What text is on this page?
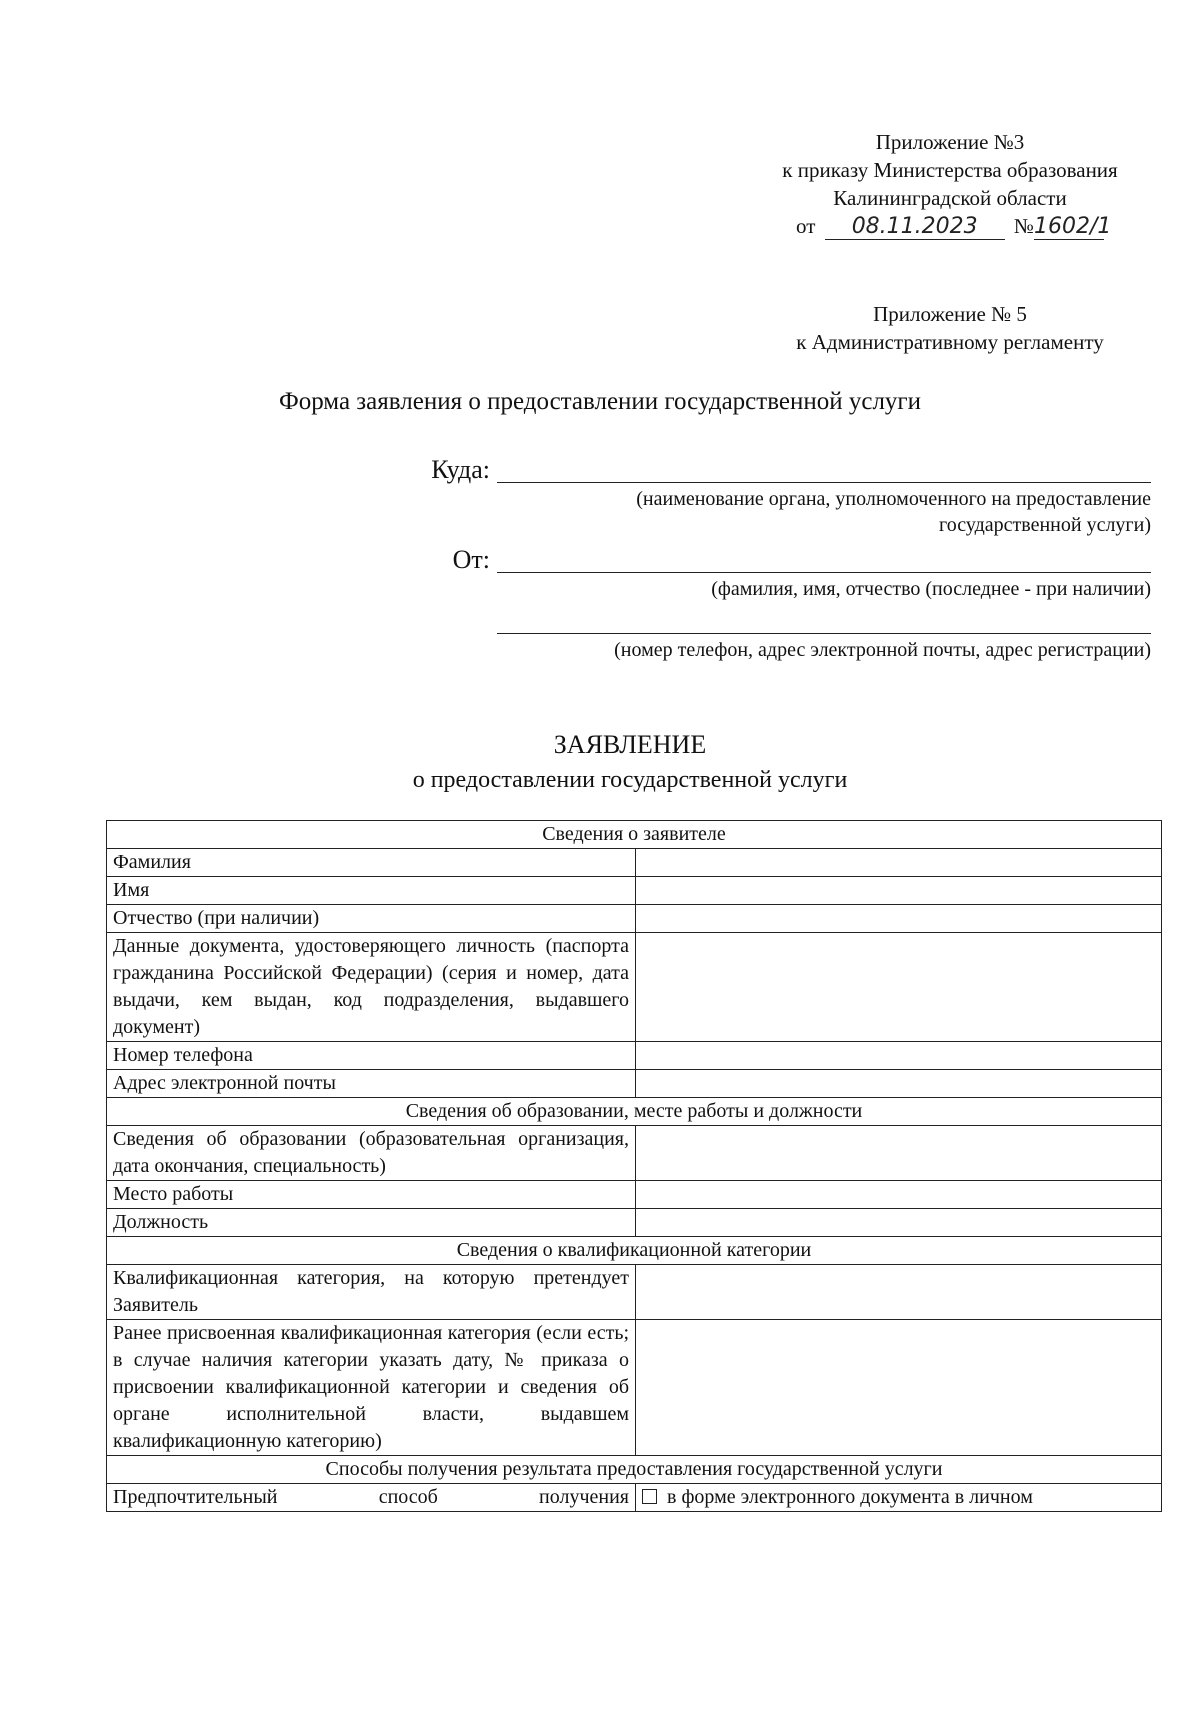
Приложение №3
к приказу Министерства образования
Калининградской области
от 08.11.2023 №1602/1
Приложение № 5
к Административному регламенту
Форма заявления о предоставлении государственной услуги
Куда:
(наименование органа, уполномоченного на предоставление
государственной услуги)
От:
(фамилия, имя, отчество (последнее - при наличии)
(номер телефон, адрес электронной почты, адрес регистрации)
ЗАЯВЛЕНИЕ
о предоставлении государственной услуги
Сведения о заявителе	
Фамилия	
Имя	
Отчество (при наличии)	
Данные документа, удостоверяющего личность (паспорта гражданина Российской Федерации) (серия и номер, дата выдачи, кем выдан, код подразделения, выдавшего документ)	
Номер телефона	
Адрес электронной почты	
Сведения об образовании, месте работы и должности	
Сведения об образовании (образовательная организация, дата окончания, специальность)	
Место работы	
Должность	
Сведения о квалификационной категории	
Квалификационная категория, на которую претендует Заявитель	
Ранее присвоенная квалификационная категория (если есть; в случае наличия категории указать дату, № приказа о присвоении квалификационной категории и сведения об органе исполнительной власти, выдавшем квалификационную категорию)	
Способы получения результата предоставления государственной услуги	
Предпочтительный способ получения	в форме электронного документа в личном
